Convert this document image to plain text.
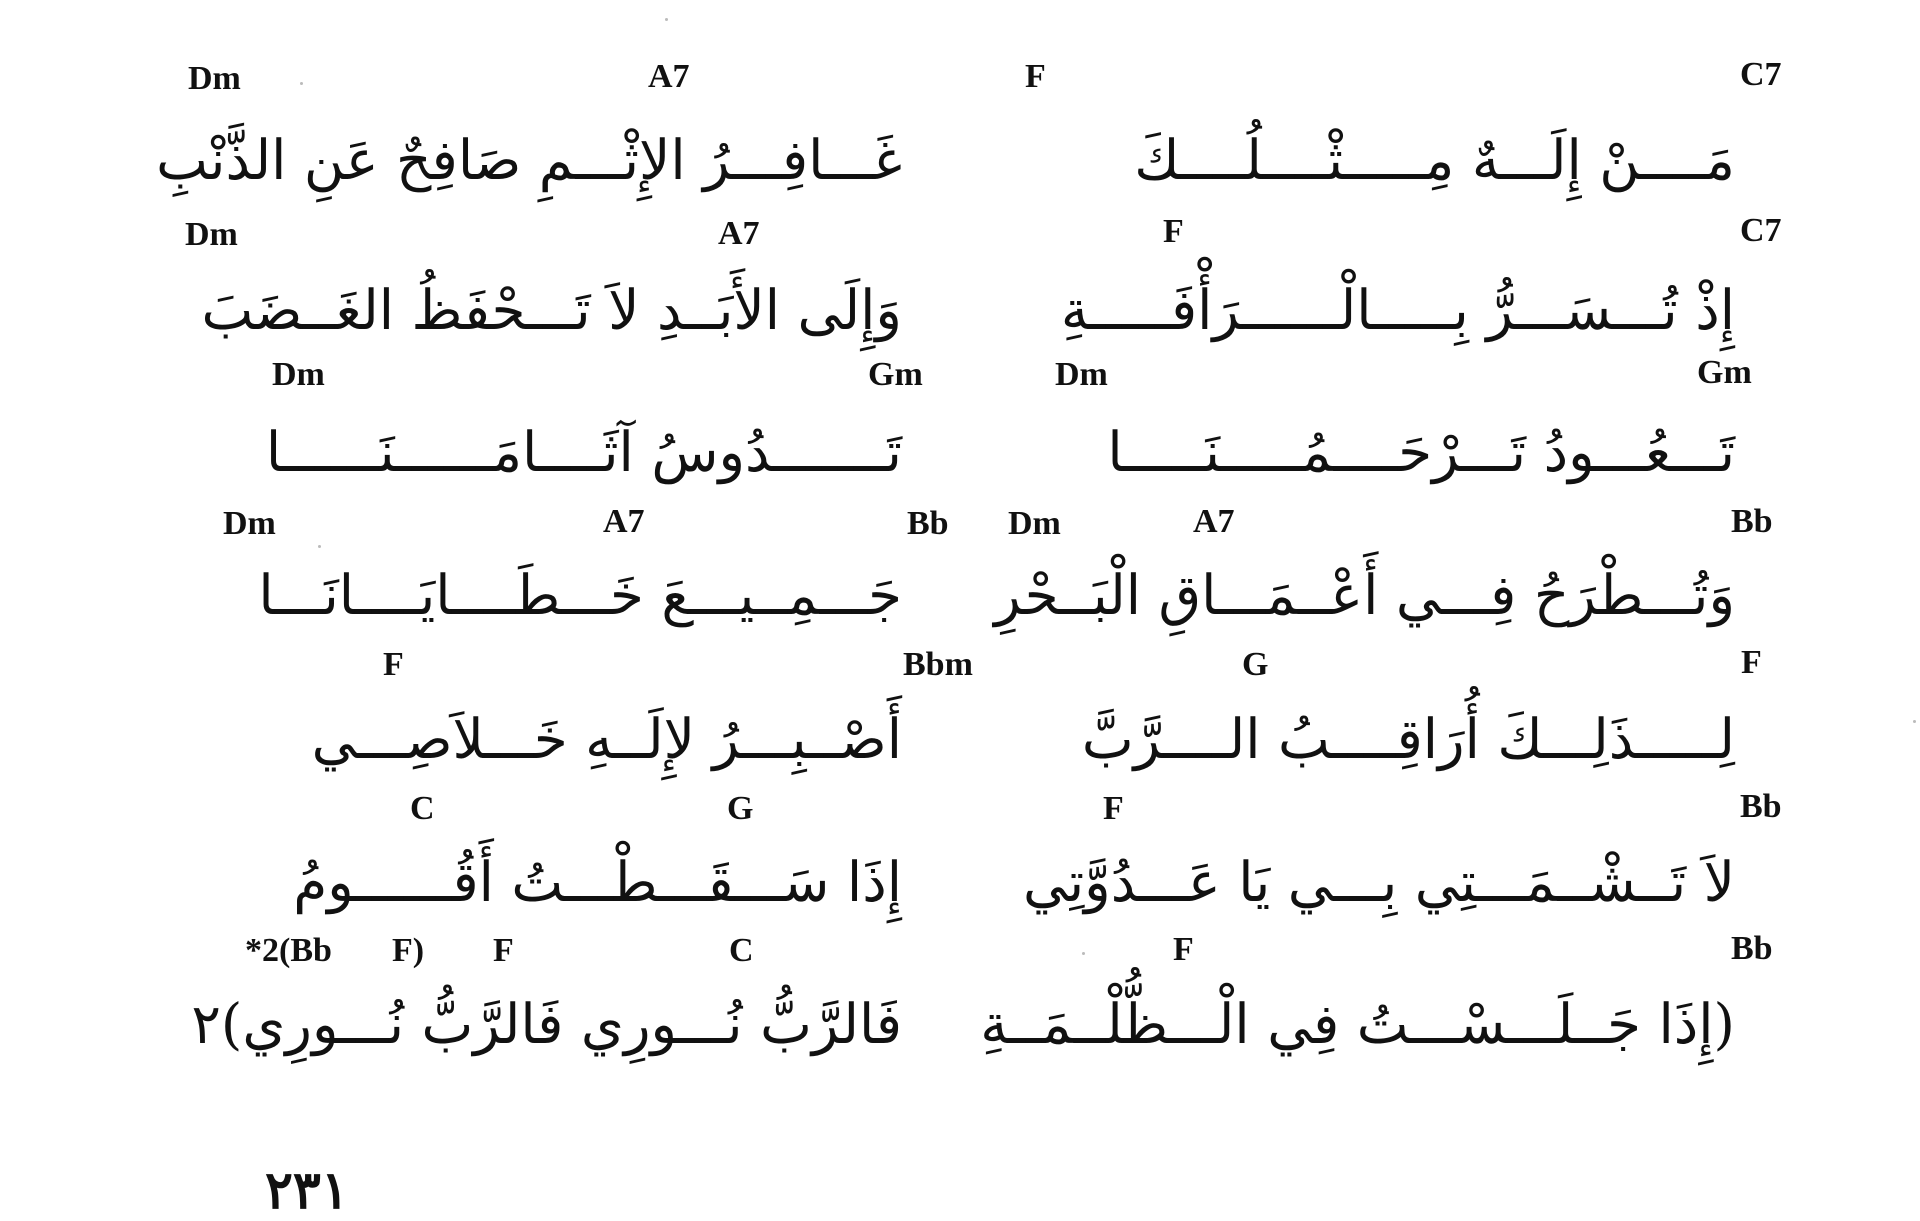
Dm	A7	F	C7
غَـــافِـــرُ الإِثْـــمِ صَافِحٌ عَنِ الذَّنْبِ	مَــــنْ إِلَـــهٌ مِـــــثْــــلُــــكَ
Dm	A7	F	C7
وَإِلَى الأَبَــدِ لاَ تَـــحْفَظُ الغَــضَبَ	إِذْ تُـــسَـــرُّ بِـــــالْــــــرَأْفَـــــةِ
Dm	Gm	Dm	Gm
تَـــــــدُوسُ آثَــــامَــــــنَــــــا	تَـــعُـــودُ تَـــرْحَــــمُـــــنَـــــا
Dm	A7	Bb Dm	A7	Bb
جَـــمِــيـــعَ خَـــطَــــايَــــانَـــا وَتُـــطْرَحُ فِـــي أَعْــمَـــاقِ الْبَــحْرِ
F	Bbm	G	F
أَصْــبِـــرُ لإِلَــهِ خَـــلاَصِـــي	لِـــــذَلِـــكَ أُرَاقِــــبُ الــــرَّبَّ
C	G	F	Bb
إِذَا سَـــقَـــطْـــتُ أَقُــــــومُ لاَ تَــشْــمَـــتِي بِـــي يَا عَـــدُوَّتِي
*2(Bb F) F	C	F	Bb
فَالرَّبُّ نُـــورِي فَالرَّبُّ نُـــورِي)٢ (إِذَا جَــلَـــسْـــتُ فِي الْـــظُّلْــمَــةِ
٢٣١
